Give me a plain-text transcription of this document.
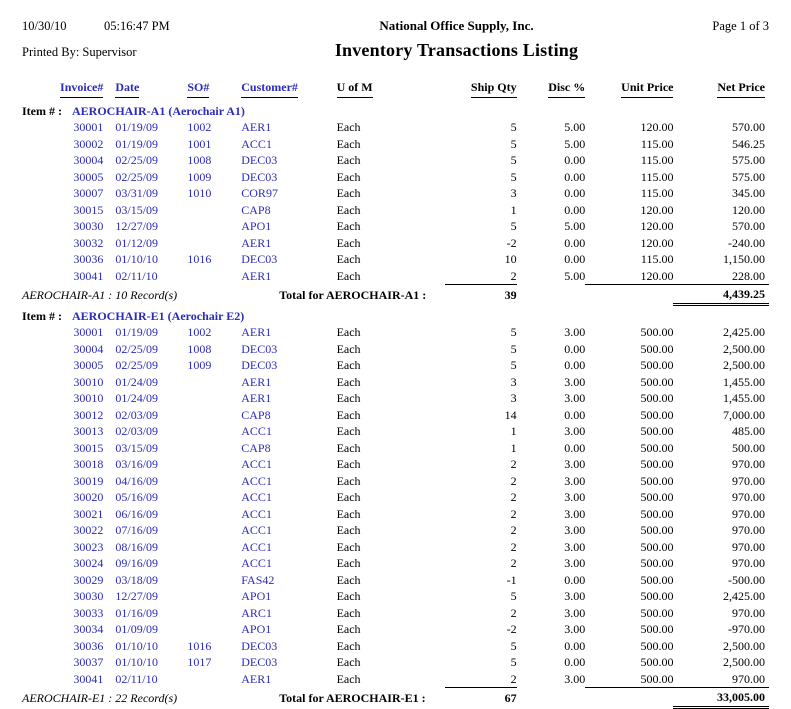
10/30/10	05:16:47 PM	National Office Supply, Inc.	Page 1 of 3
Printed By: Supervisor	Inventory Transactions Listing
Invoice#	Date	SO#	Customer#	U of M	Ship Qty	Disc %	Unit Price	Net Price
Item # : AEROCHAIR-A1 (Aerochair A1)								
30001	01/19/09	1002	AER1	Each	5	5.00	120.00	570.00
30002	01/19/09	1001	ACC1	Each	5	5.00	115.00	546.25
30004	02/25/09	1008	DEC03	Each	5	0.00	115.00	575.00
30005	02/25/09	1009	DEC03	Each	5	0.00	115.00	575.00
30007	03/31/09	1010	COR97	Each	3	0.00	115.00	345.00
30015	03/15/09		CAP8	Each	1	0.00	120.00	120.00
30030	12/27/09		APO1	Each	5	5.00	120.00	570.00
30032	01/12/09		AER1	Each	-2	0.00	120.00	-240.00
30036	01/10/10	1016	DEC03	Each	10	0.00	115.00	1,150.00
30041	02/11/10		AER1	Each	2	5.00	120.00	228.00
AEROCHAIR-A1 : 10 Record(s)			Total for AEROCHAIR-A1 :		39			4,439.25
Item # : AEROCHAIR-E1 (Aerochair E2)								
30001	01/19/09	1002	AER1	Each	5	3.00	500.00	2,425.00
30004	02/25/09	1008	DEC03	Each	5	0.00	500.00	2,500.00
30005	02/25/09	1009	DEC03	Each	5	0.00	500.00	2,500.00
30010	01/24/09		AER1	Each	3	3.00	500.00	1,455.00
30010	01/24/09		AER1	Each	3	3.00	500.00	1,455.00
30012	02/03/09		CAP8	Each	14	0.00	500.00	7,000.00
30013	02/03/09		ACC1	Each	1	3.00	500.00	485.00
30015	03/15/09		CAP8	Each	1	0.00	500.00	500.00
30018	03/16/09		ACC1	Each	2	3.00	500.00	970.00
30019	04/16/09		ACC1	Each	2	3.00	500.00	970.00
30020	05/16/09		ACC1	Each	2	3.00	500.00	970.00
30021	06/16/09		ACC1	Each	2	3.00	500.00	970.00
30022	07/16/09		ACC1	Each	2	3.00	500.00	970.00
30023	08/16/09		ACC1	Each	2	3.00	500.00	970.00
30024	09/16/09		ACC1	Each	2	3.00	500.00	970.00
30029	03/18/09		FAS42	Each	-1	0.00	500.00	-500.00
30030	12/27/09		APO1	Each	5	3.00	500.00	2,425.00
30033	01/16/09		ARC1	Each	2	3.00	500.00	970.00
30034	01/09/09		APO1	Each	-2	3.00	500.00	-970.00
30036	01/10/10	1016	DEC03	Each	5	0.00	500.00	2,500.00
30037	01/10/10	1017	DEC03	Each	5	0.00	500.00	2,500.00
30041	02/11/10		AER1	Each	2	3.00	500.00	970.00
AEROCHAIR-E1 : 22 Record(s)			Total for AEROCHAIR-E1 :		67			33,005.00
